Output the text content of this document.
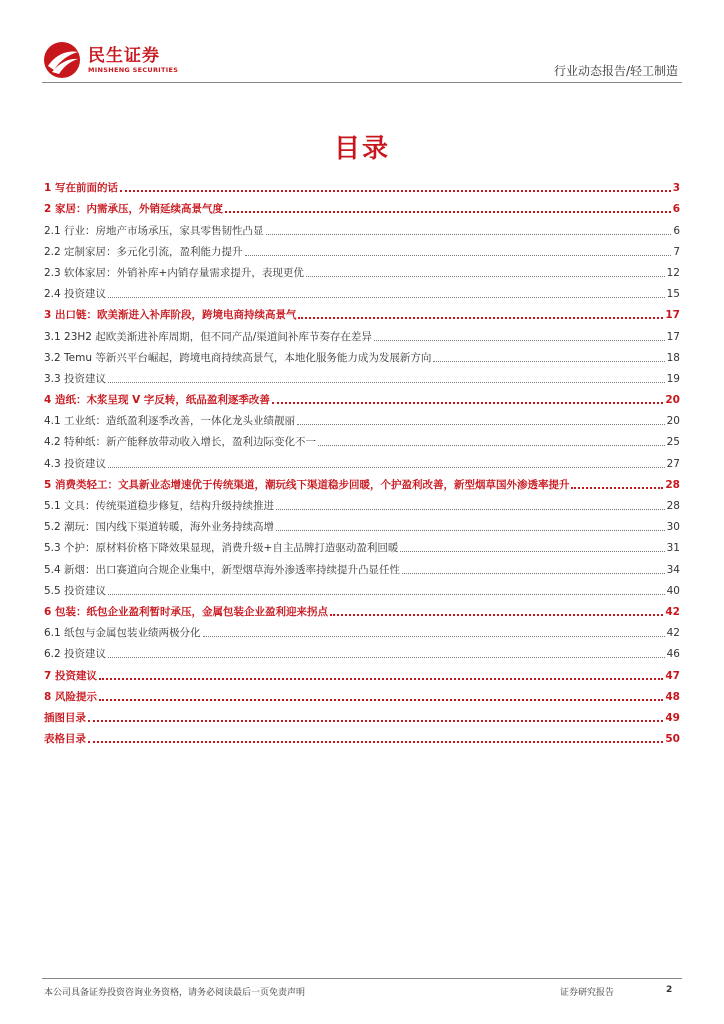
民生证券
MINSHENG SECURITIES	行业动态报告/轻工制造
目录
1 写在前面的话	3
2 家居：内需承压，外销延续高景气度	6
2.1 行业：房地产市场承压，家具零售韧性凸显	6
2.2 定制家居：多元化引流，盈利能力提升	7
2.3 软体家居：外销补库+内销存量需求提升，表现更优	12
2.4 投资建议	15
3 出口链：欧美渐进入补库阶段，跨境电商持续高景气	17
3.1 23H2 起欧美渐进补库周期，但不同产品/渠道间补库节奏存在差异	17
3.2 Temu 等新兴平台崛起，跨境电商持续高景气，本地化服务能力成为发展新方向	18
3.3 投资建议	19
4 造纸：木浆呈现 V 字反转，纸品盈利逐季改善	20
4.1 工业纸：造纸盈利逐季改善，一体化龙头业绩靓丽	20
4.2 特种纸：新产能释放带动收入增长，盈利边际变化不一	25
4.3 投资建议	27
5 消费类轻工：文具新业态增速优于传统渠道，潮玩线下渠道稳步回暖，个护盈利改善，新型烟草国外渗透率提升	28
5.1 文具：传统渠道稳步修复，结构升级持续推进	28
5.2 潮玩：国内线下渠道转暖，海外业务持续高增	30
5.3 个护：原材料价格下降效果显现，消费升级+自主品牌打造驱动盈利回暖	31
5.4 新烟：出口赛道向合规企业集中，新型烟草海外渗透率持续提升凸显任性	34
5.5 投资建议	40
6 包装：纸包企业盈利暂时承压，金属包装企业盈利迎来拐点	42
6.1 纸包与金属包装业绩两极分化	42
6.2 投资建议	46
7 投资建议	47
8 风险提示	48
插图目录	49
表格目录	50
本公司具备证券投资咨询业务资格，请务必阅读最后一页免责声明	证券研究报告	2
